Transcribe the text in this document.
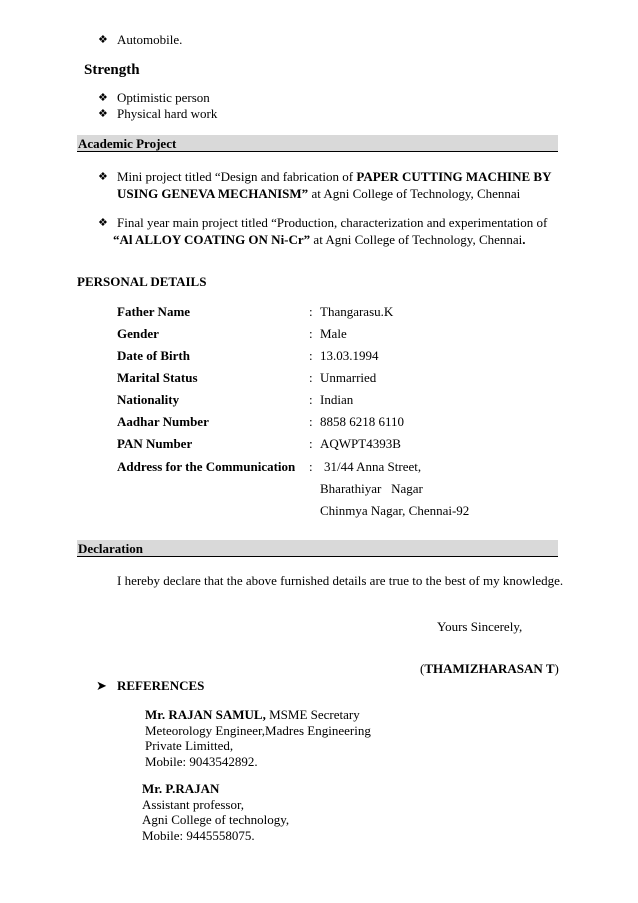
❖ Automobile.
Strength
❖ Optimistic person
❖ Physical hard work
Academic Project
❖ Mini project titled “Design and fabrication of PAPER CUTTING MACHINE BY
USING GENEVA MECHANISM” at Agni College of Technology, Chennai
❖ Final year main project titled “Production, characterization and experimentation of
“Al ALLOY COATING ON Ni-Cr” at Agni College of Technology, Chennai.
PERSONAL DETAILS
Father Name	: Thangarasu.K
Gender	: Male
Date of Birth	: 13.03.1994
Marital Status	: Unmarried
Nationality	: Indian
Aadhar Number	: 8858 6218 6110
PAN Number	: AQWPT4393B
Address for the Communication : 31/44 Anna Street,
Bharathiyar   Nagar
Chinmya Nagar, Chennai-92
Declaration
I hereby declare that the above furnished details are true to the best of my knowledge.
Yours Sincerely,
(THAMIZHARASAN T)
➤ REFERENCES
Mr. RAJAN SAMUL, MSME Secretary
Meteorology Engineer,Madres Engineering
Private Limitted,
Mobile: 9043542892.
Mr. P.RAJAN
Assistant professor,
Agni College of technology,
Mobile: 9445558075.
